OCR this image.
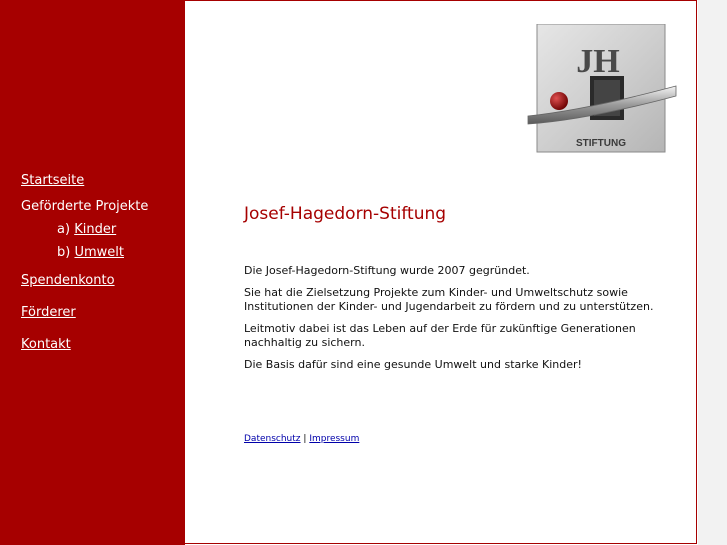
Startseite
Geförderte Projekte
a) Kinder
b) Umwelt
Spendenkonto
Förderer
Kontakt
JH
STIFTUNG
Josef-Hagedorn-Stiftung

Die Josef-Hagedorn-Stiftung wurde 2007 gegründet.

Sie hat die Zielsetzung Projekte zum Kinder- und Umweltschutz sowie Institutionen der Kinder- und Jugendarbeit zu fördern und zu unterstützen.

Leitmotiv dabei ist das Leben auf der Erde für zukünftige Generationen nachhaltig zu sichern.

Die Basis dafür sind eine gesunde Umwelt und starke Kinder!

Datenschutz | Impressum
